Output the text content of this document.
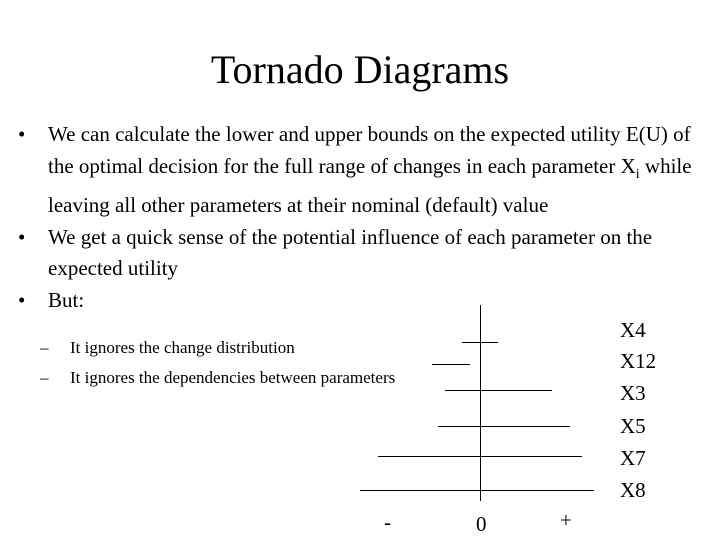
Tornado Diagrams
• We can calculate the lower and upper bounds on the expected utility E(U) of the optimal decision for the full range of changes in each parameter $X_i$ while leaving all other parameters at their nominal (default) value
• We get a quick sense of the potential influence of each parameter on the expected utility
• But:
– It ignores the change distribution
– It ignores the dependencies between parameters
X4
X12
X3
X5
X7
X8
-	0	+
